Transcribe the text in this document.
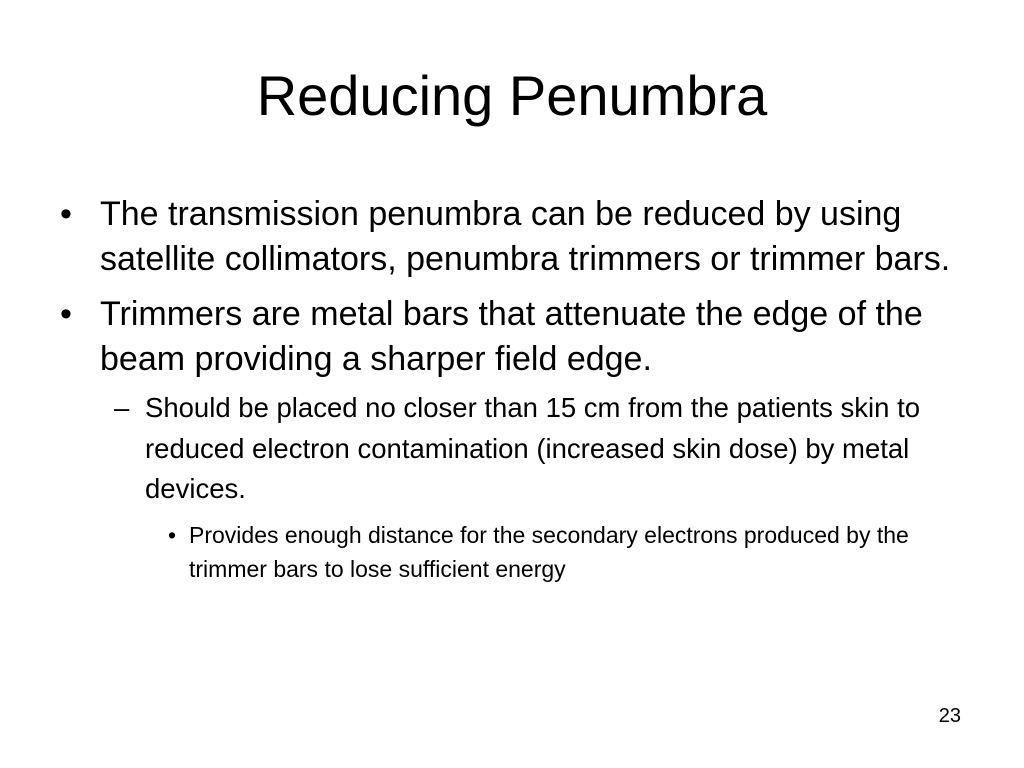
Reducing Penumbra
• The transmission penumbra can be reduced by using satellite collimators, penumbra trimmers or trimmer bars.
• Trimmers are metal bars that attenuate the edge of the beam providing a sharper field edge.
– Should be placed no closer than 15 cm from the patients skin to reduced electron contamination (increased skin dose) by metal devices.
• Provides enough distance for the secondary electrons produced by the trimmer bars to lose sufficient energy
23
